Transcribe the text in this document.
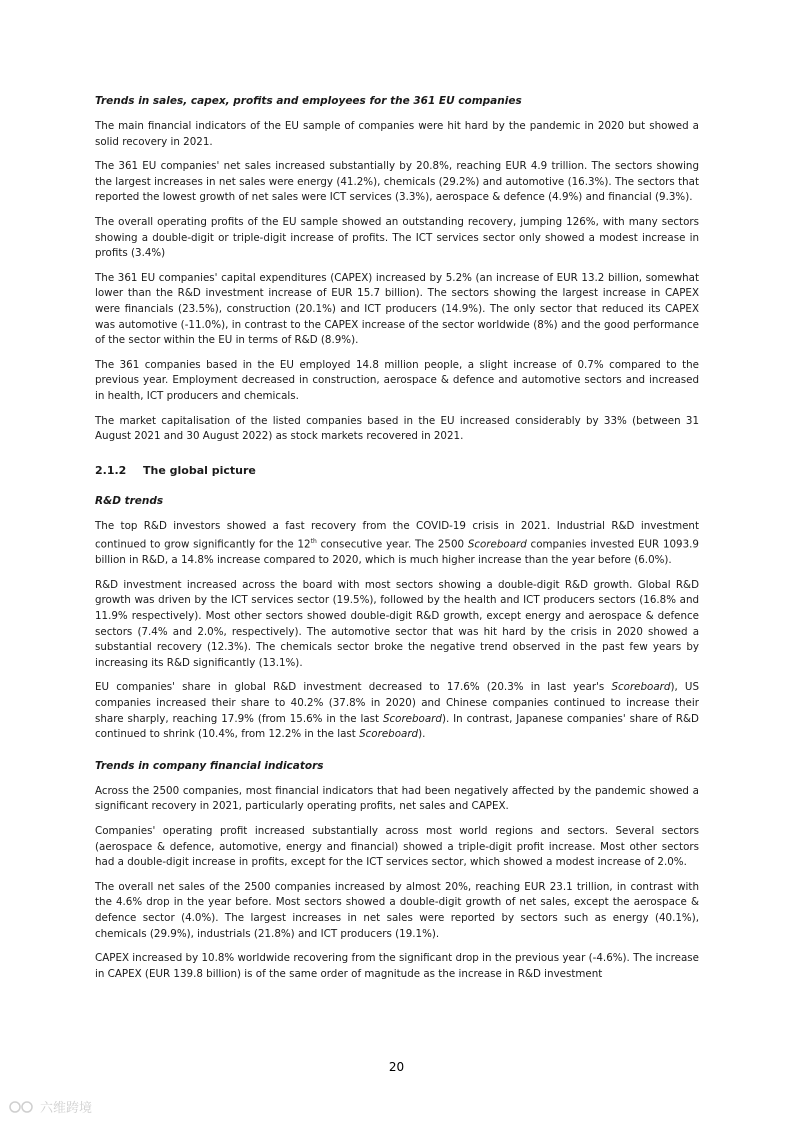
Trends in sales, capex, profits and employees for the 361 EU companies

The main financial indicators of the EU sample of companies were hit hard by the pandemic in 2020 but showed a solid recovery in 2021.

The 361 EU companies' net sales increased substantially by 20.8%, reaching EUR 4.9 trillion. The sectors showing the largest increases in net sales were energy (41.2%), chemicals (29.2%) and automotive (16.3%). The sectors that reported the lowest growth of net sales were ICT services (3.3%), aerospace & defence (4.9%) and financial (9.3%).

The overall operating profits of the EU sample showed an outstanding recovery, jumping 126%, with many sectors showing a double-digit or triple-digit increase of profits. The ICT services sector only showed a modest increase in profits (3.4%)

The 361 EU companies' capital expenditures (CAPEX) increased by 5.2% (an increase of EUR 13.2 billion, somewhat lower than the R&D investment increase of EUR 15.7 billion). The sectors showing the largest increase in CAPEX were financials (23.5%), construction (20.1%) and ICT producers (14.9%). The only sector that reduced its CAPEX was automotive (-11.0%), in contrast to the CAPEX increase of the sector worldwide (8%) and the good performance of the sector within the EU in terms of R&D (8.9%).

The 361 companies based in the EU employed 14.8 million people, a slight increase of 0.7% compared to the previous year. Employment decreased in construction, aerospace & defence and automotive sectors and increased in health, ICT producers and chemicals.

The market capitalisation of the listed companies based in the EU increased considerably by 33% (between 31 August 2021 and 30 August 2022) as stock markets recovered in 2021.

2.1.2 The global picture
R&D trends

The top R&D investors showed a fast recovery from the COVID-19 crisis in 2021. Industrial R&D investment continued to grow significantly for the 12th consecutive year. The 2500 Scoreboard companies invested EUR 1093.9 billion in R&D, a 14.8% increase compared to 2020, which is much higher increase than the year before (6.0%).

R&D investment increased across the board with most sectors showing a double-digit R&D growth. Global R&D growth was driven by the ICT services sector (19.5%), followed by the health and ICT producers sectors (16.8% and 11.9% respectively). Most other sectors showed double-digit R&D growth, except energy and aerospace & defence sectors (7.4% and 2.0%, respectively). The automotive sector that was hit hard by the crisis in 2020 showed a substantial recovery (12.3%). The chemicals sector broke the negative trend observed in the past few years by increasing its R&D significantly (13.1%).

EU companies' share in global R&D investment decreased to 17.6% (20.3% in last year's Scoreboard), US companies increased their share to 40.2% (37.8% in 2020) and Chinese companies continued to increase their share sharply, reaching 17.9% (from 15.6% in the last Scoreboard). In contrast, Japanese companies' share of R&D continued to shrink (10.4%, from 12.2% in the last Scoreboard).

Trends in company financial indicators

Across the 2500 companies, most financial indicators that had been negatively affected by the pandemic showed a significant recovery in 2021, particularly operating profits, net sales and CAPEX.

Companies' operating profit increased substantially across most world regions and sectors. Several sectors (aerospace & defence, automotive, energy and financial) showed a triple-digit profit increase. Most other sectors had a double-digit increase in profits, except for the ICT services sector, which showed a modest increase of 2.0%.

The overall net sales of the 2500 companies increased by almost 20%, reaching EUR 23.1 trillion, in contrast with the 4.6% drop in the year before. Most sectors showed a double-digit growth of net sales, except the aerospace & defence sector (4.0%). The largest increases in net sales were reported by sectors such as energy (40.1%), chemicals (29.9%), industrials (21.8%) and ICT producers (19.1%).

CAPEX increased by 10.8% worldwide recovering from the significant drop in the previous year (-4.6%). The increase in CAPEX (EUR 139.8 billion) is of the same order of magnitude as the increase in R&D investment

20
六维跨境
